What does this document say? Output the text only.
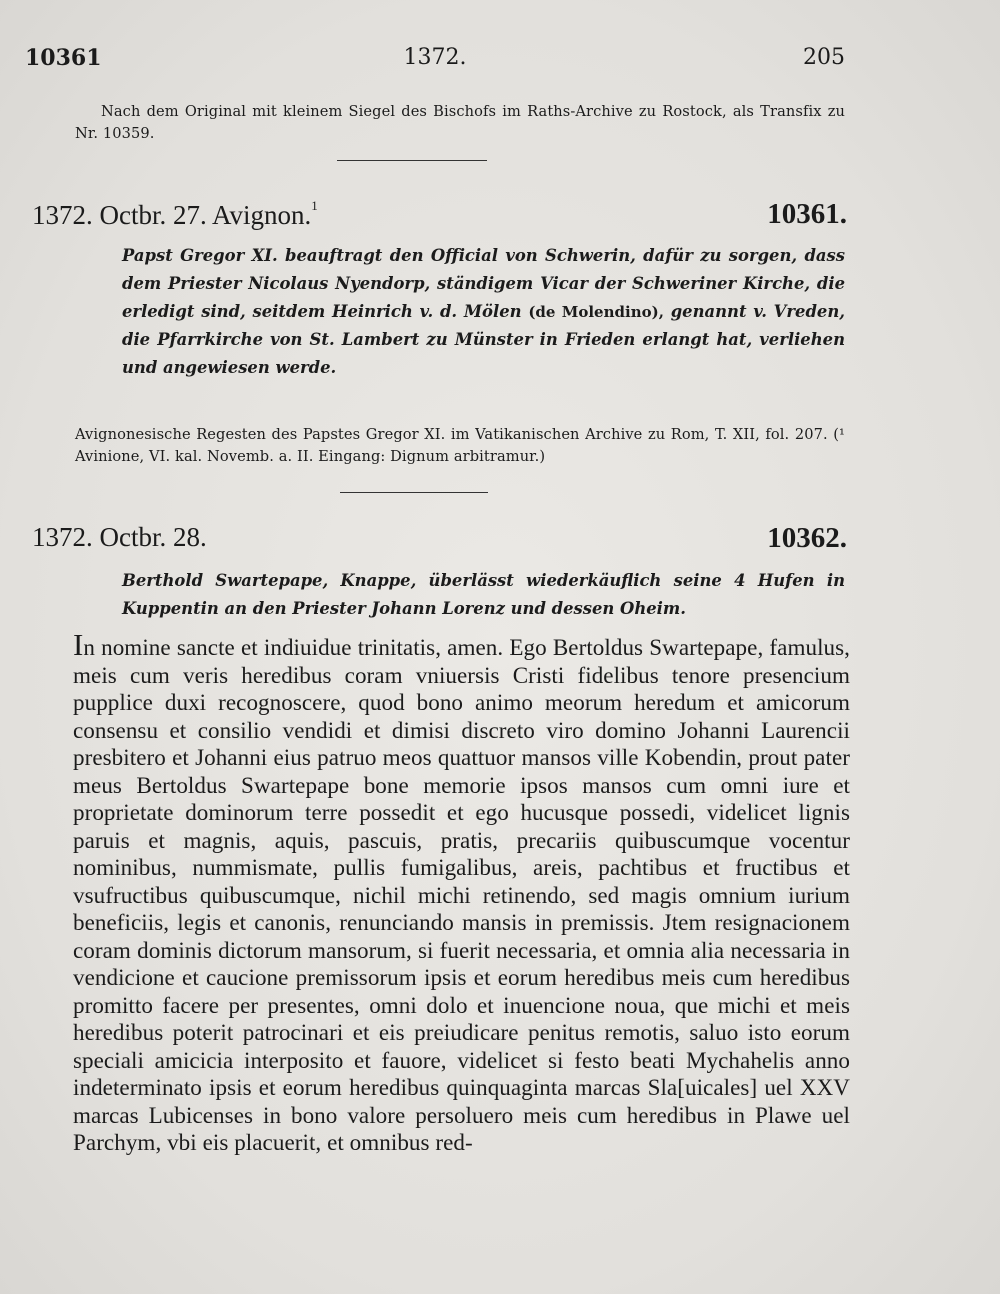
10361	1372.	205
Nach dem Original mit kleinem Siegel des Bischofs im Raths-Archive zu Rostock, als Transfix zu Nr. 10359.
1372. Octbr. 27. Avignon.$^1$	10361.
Papst Gregor XI. beauftragt den Official von Schwerin, dafür zu sorgen, dass dem Priester Nicolaus Nyendorp, ständigem Vicar der Schweriner Kirche, die erledigt sind, seitdem Heinrich v. d. Mölen (de Molendino), genannt v. Vreden, die Pfarrkirche von St. Lambert zu Münster in Frieden erlangt hat, verliehen und angewiesen werde.
Avignonesische Regesten des Papstes Gregor XI. im Vatikanischen Archive zu Rom, T. XII, fol. 207. (¹ Avinione, VI. kal. Novemb. a. II. Eingang: Dignum arbitramur.)
1372. Octbr. 28.	10362.
Berthold Swartepape, Knappe, überlässt wiederkäuflich seine 4 Hufen in Kuppentin an den Priester Johann Lorenz und dessen Oheim.
In nomine sancte et indiuidue trinitatis, amen. Ego Bertoldus Swartepape, famulus, meis cum veris heredibus coram vniuersis Cristi fidelibus tenore presencium pupplice duxi recognoscere, quod bono animo meorum heredum et amicorum consensu et consilio vendidi et dimisi discreto viro domino Johanni Laurencii presbitero et Johanni eius patruo meos quattuor mansos ville Kobendin, prout pater meus Bertoldus Swartepape bone memorie ipsos mansos cum omni iure et proprietate dominorum terre possedit et ego hucusque possedi, videlicet lignis paruis et magnis, aquis, pascuis, pratis, precariis quibuscumque vocentur nominibus, nummismate, pullis fumigalibus, areis, pachtibus et fructibus et vsufructibus quibuscumque, nichil michi retinendo, sed magis omnium iurium beneficiis, legis et canonis, renunciando mansis in premissis. Jtem resignacionem coram dominis dictorum mansorum, si fuerit necessaria, et omnia alia necessaria in vendicione et caucione premissorum ipsis et eorum heredibus meis cum heredibus promitto facere per presentes, omni dolo et inuencione noua, que michi et meis heredibus poterit patrocinari et eis preiudicare penitus remotis, saluo isto eorum speciali amicicia interposito et fauore, videlicet si festo beati Mychahelis anno indeterminato ipsis et eorum heredibus quinquaginta marcas Sla[uicales] uel XXV marcas Lubicenses in bono valore persoluero meis cum heredibus in Plawe uel Parchym, vbi eis placuerit, et omnibus red-
